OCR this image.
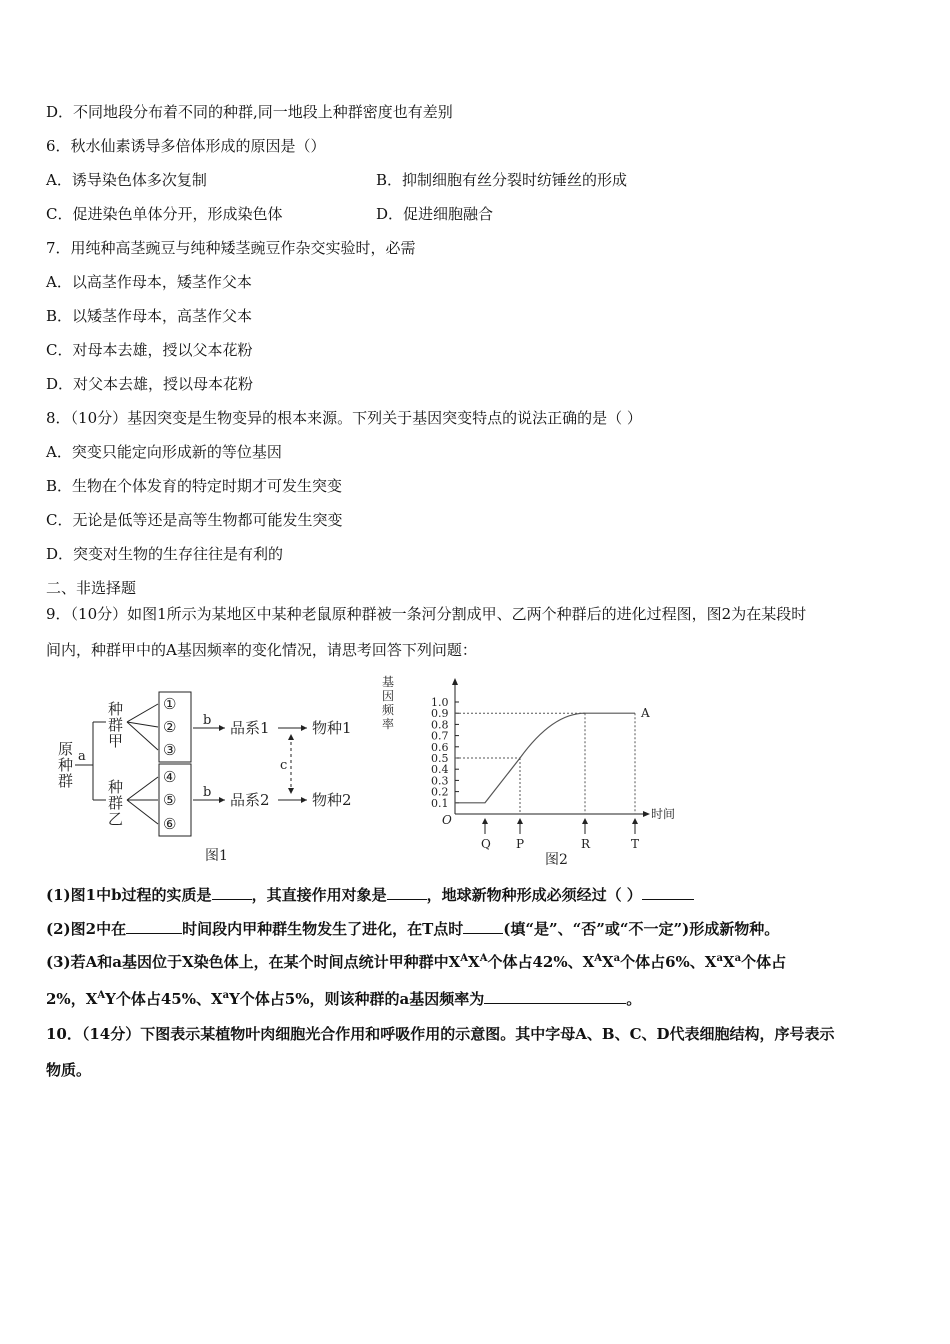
D．不同地段分布着不同的种群,同一地段上种群密度也有差别
6．秋水仙素诱导多倍体形成的原因是（）
A．诱导染色体多次复制	B．抑制细胞有丝分裂时纺锤丝的形成
C．促进染色单体分开，形成染色体	D．促进细胞融合
7．用纯种高茎豌豆与纯种矮茎豌豆作杂交实验时，必需
A．以高茎作母本，矮茎作父本
B．以矮茎作母本，高茎作父本
C．对母本去雄，授以父本花粉
D．对父本去雄，授以母本花粉
8．（10分）基因突变是生物变异的根本来源。下列关于基因突变特点的说法正确的是（ ）
A．突变只能定向形成新的等位基因
B．生物在个体发育的特定时期才可发生突变
C．无论是低等还是高等生物都可能发生突变
D．突变对生物的生存往往是有利的
二、非选择题
9．（10分）如图1所示为某地区中某种老鼠原种群被一条河分割成甲、乙两个种群后的进化过程图，图2为在某段时
间内，种群甲中的A基因频率的变化情况，请思考回答下列问题：
原
种
群
a
种
群
甲
种
群
乙
①
②
③
④
⑤
⑥
b 品系1	物种1
b 品系2	物种2
c
图1
基
因
频
率
时间
O
1.0
0.9
0.8
0.7
0.6
0.5
0.4
0.3
0.2
0.1
A
Q P	R	T
图2
(1)图1中b过程的实质是	，其直接作用对象是	，地球新物种形成必须经过（ ）
(2)图2中在	时间段内甲种群生物发生了进化，在T点时	(填“是”、“否”或“不一定”)形成新物种。
(3)若A和a基因位于X染色体上，在某个时间点统计甲种群中$X^AX^A$个体占42%、$X^AX^a$个体占6%、$X^aX^a$个体占
2%，$X^AY$个体占45%、$X^aY$个体占5%，则该种群的a基因频率为	。
10．（14分）下图表示某植物叶肉细胞光合作用和呼吸作用的示意图。其中字母A、B、C、D代表细胞结构，序号表示
物质。
